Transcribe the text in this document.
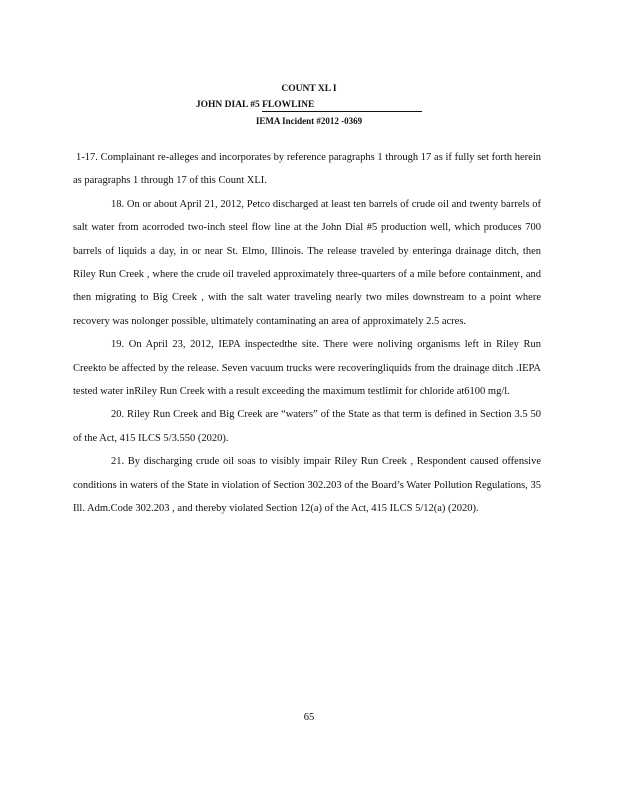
COUNT XL I
JOHN DIAL #5 FLOWLINE
IEMA Incident #2012 -0369

1-17. Complainant re-alleges and incorporates by reference paragraphs 1 through 17 as if fully set forth herein as paragraphs 1 through 17 of this Count XLI.

18. On or about April 21, 2012, Petco discharged at least ten barrels of crude oil and twenty barrels of salt water from acorroded two-inch steel flow line at the John Dial #5 production well, which produces 700 barrels of liquids a day, in or near St. Elmo, Illinois. The release traveled by enteringa drainage ditch, then Riley Run Creek , where the crude oil traveled approximately three-quarters of a mile before containment, and then migrating to Big Creek , with the salt water traveling nearly two miles downstream to a point where recovery was nolonger possible, ultimately contaminating an area of approximately 2.5 acres.

19. On April 23, 2012, IEPA inspectedthe site. There were noliving organisms left in Riley Run Creekto be affected by the release. Seven vacuum trucks were recoveringliquids from the drainage ditch .IEPA tested water inRiley Run Creek with a result exceeding the maximum testlimit for chloride at6100 mg/l.

20. Riley Run Creek and Big Creek are “waters” of the State as that term is defined in Section 3.5 50 of the Act, 415 ILCS 5/3.550 (2020).

21. By discharging crude oil soas to visibly impair Riley Run Creek , Respondent caused offensive conditions in waters of the State in violation of Section 302.203 of the Board’s Water Pollution Regulations, 35 Ill. Adm.Code 302.203 , and thereby violated Section 12(a) of the Act, 415 ILCS 5/12(a) (2020).

65
